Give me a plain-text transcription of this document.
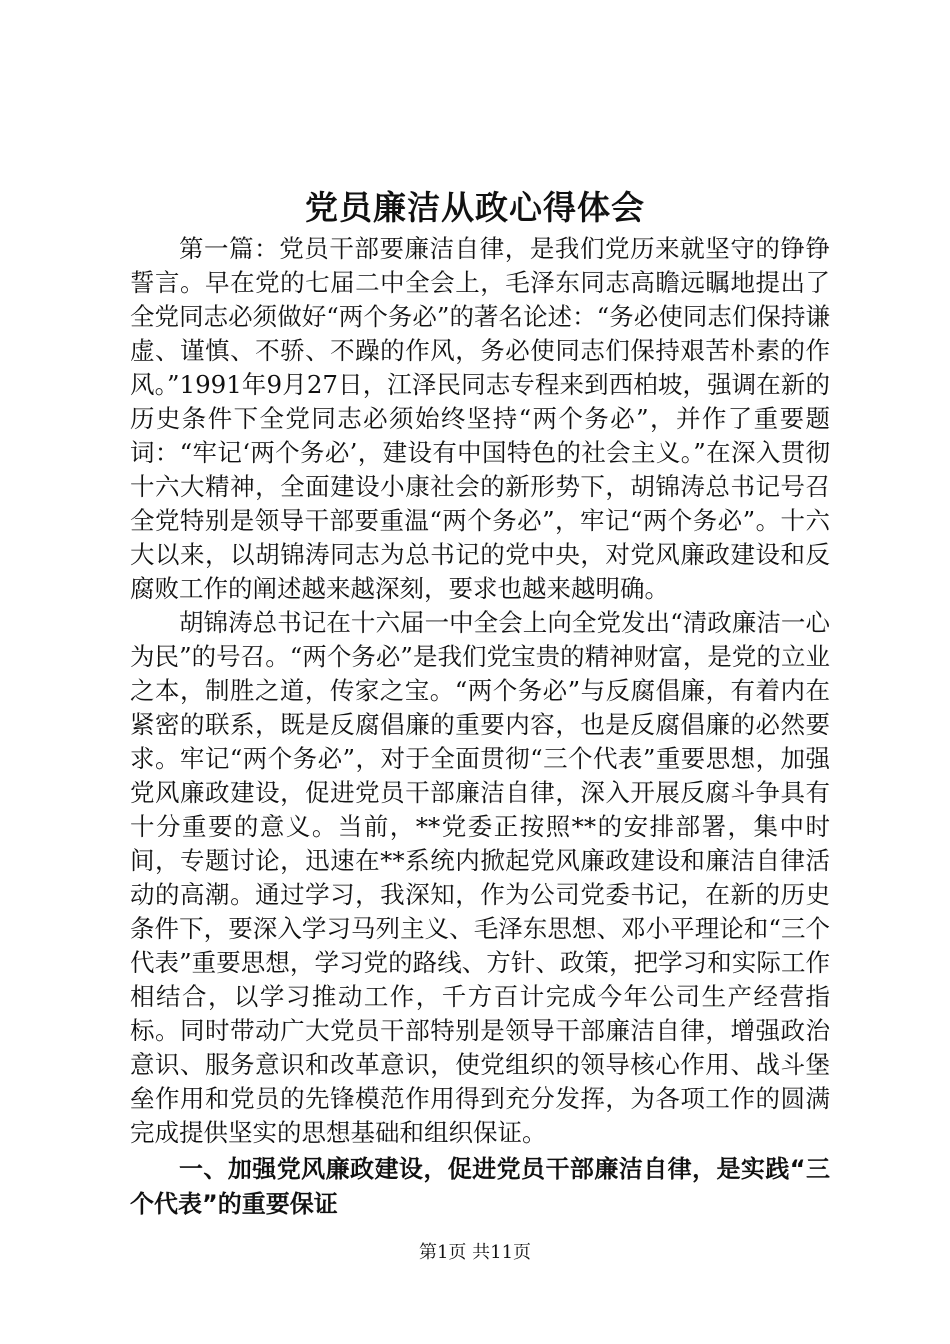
党员廉洁从政心得体会

第一篇：党员干部要廉洁自律，是我们党历来就坚守的铮铮誓言。早在党的七届二中全会上，毛泽东同志高瞻远瞩地提出了全党同志必须做好“两个务必”的著名论述：“务必使同志们保持谦虚、谨慎、不骄、不躁的作风，务必使同志们保持艰苦朴素的作风。”1991年9月27日，江泽民同志专程来到西柏坡，强调在新的历史条件下全党同志必须始终坚持“两个务必”，并作了重要题词：“牢记‘两个务必’，建设有中国特色的社会主义。”在深入贯彻十六大精神，全面建设小康社会的新形势下，胡锦涛总书记号召全党特别是领导干部要重温“两个务必”，牢记“两个务必”。十六大以来，以胡锦涛同志为总书记的党中央，对党风廉政建设和反腐败工作的阐述越来越深刻，要求也越来越明确。

胡锦涛总书记在十六届一中全会上向全党发出“清政廉洁一心为民”的号召。“两个务必”是我们党宝贵的精神财富，是党的立业之本，制胜之道，传家之宝。“两个务必”与反腐倡廉，有着内在紧密的联系，既是反腐倡廉的重要内容，也是反腐倡廉的必然要求。牢记“两个务必”，对于全面贯彻“三个代表”重要思想，加强党风廉政建设，促进党员干部廉洁自律，深入开展反腐斗争具有十分重要的意义。当前，**党委正按照**的安排部署，集中时间，专题讨论，迅速在**系统内掀起党风廉政建设和廉洁自律活动的高潮。通过学习，我深知，作为公司党委书记，在新的历史条件下，要深入学习马列主义、毛泽东思想、邓小平理论和“三个代表”重要思想，学习党的路线、方针、政策，把学习和实际工作相结合，以学习推动工作，千方百计完成今年公司生产经营指标。同时带动广大党员干部特别是领导干部廉洁自律，增强政治意识、服务意识和改革意识，使党组织的领导核心作用、战斗堡垒作用和党员的先锋模范作用得到充分发挥，为各项工作的圆满完成提供坚实的思想基础和组织保证。

一、加强党风廉政建设，促进党员干部廉洁自律，是实践“三个代表”的重要保证

第1页 共11页
